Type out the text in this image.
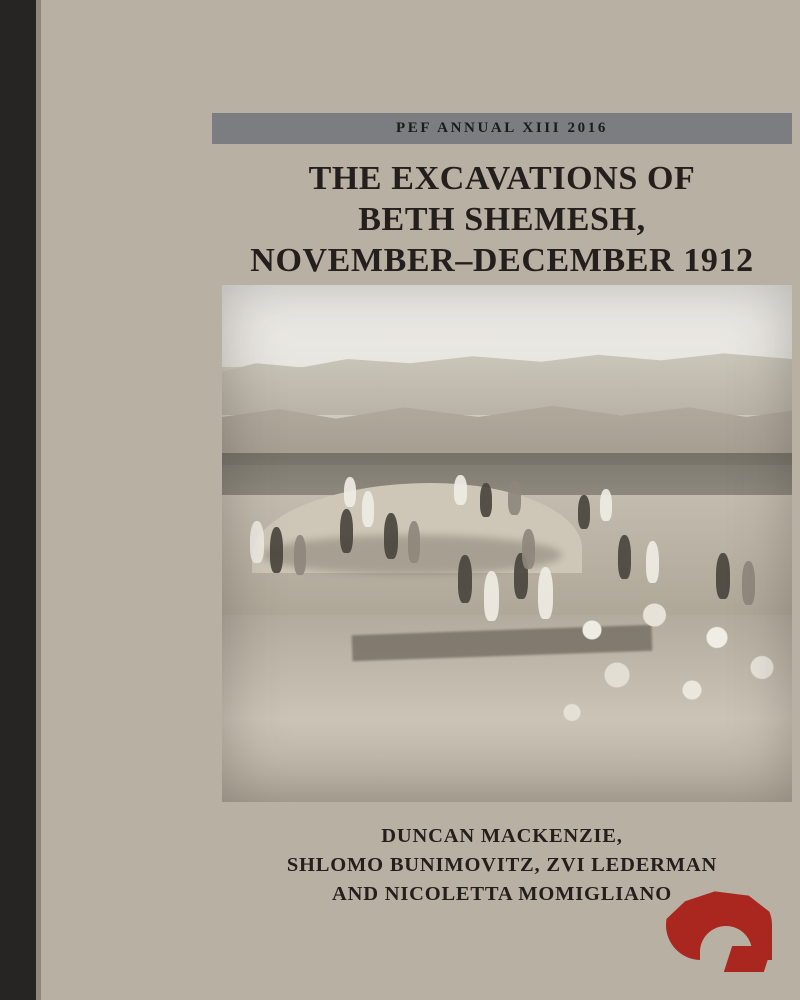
PEF ANNUAL XIII 2016
THE EXCAVATIONS OF
BETH SHEMESH,
NOVEMBER–DECEMBER 1912
DUNCAN MACKENZIE,
SHLOMO BUNIMOVITZ, ZVI LEDERMAN
AND NICOLETTA MOMIGLIANO
